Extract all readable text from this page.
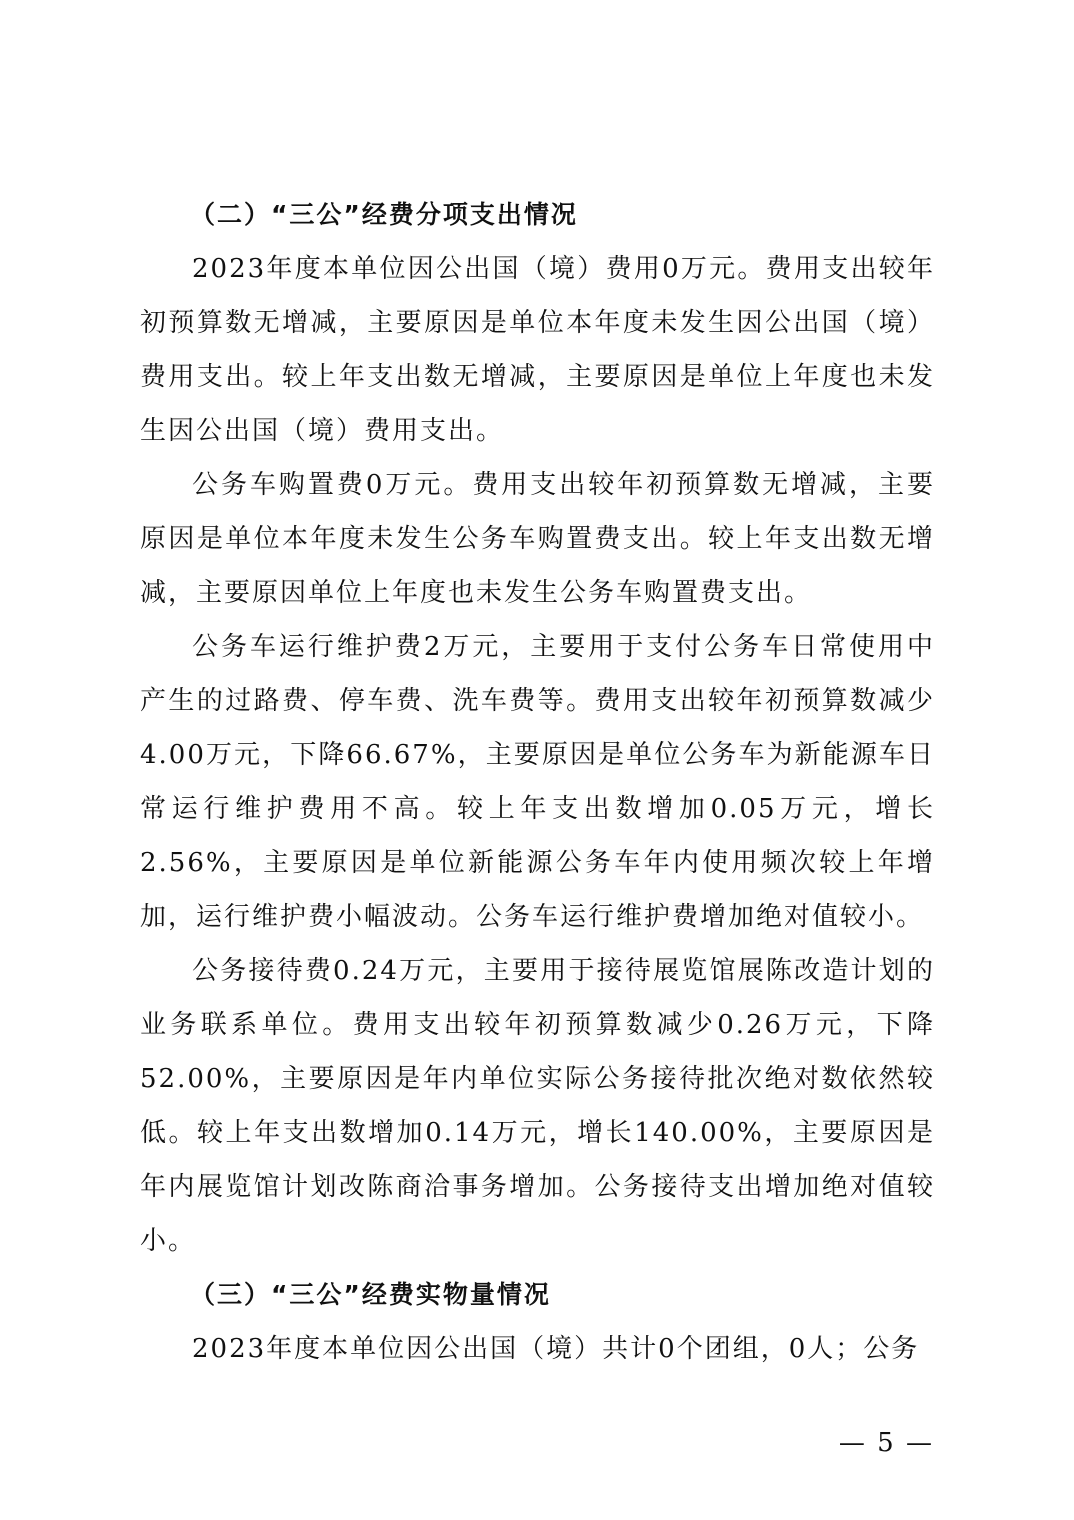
（二）“三公”经费分项支出情况

2023年度本单位因公出国（境）费用0万元。费用支出较年初预算数无增减，主要原因是单位本年度未发生因公出国（境）费用支出。较上年支出数无增减，主要原因是单位上年度也未发生因公出国（境）费用支出。

公务车购置费0万元。费用支出较年初预算数无增减，主要原因是单位本年度未发生公务车购置费支出。较上年支出数无增减，主要原因单位上年度也未发生公务车购置费支出。

公务车运行维护费2万元，主要用于支付公务车日常使用中产生的过路费、停车费、洗车费等。费用支出较年初预算数减少4.00万元，下降66.67%，主要原因是单位公务车为新能源车日常运行维护费用不高。较上年支出数增加0.05万元，增长2.56%，主要原因是单位新能源公务车年内使用频次较上年增加，运行维护费小幅波动。公务车运行维护费增加绝对值较小。

公务接待费0.24万元，主要用于接待展览馆展陈改造计划的业务联系单位。费用支出较年初预算数减少0.26万元，下降52.00%，主要原因是年内单位实际公务接待批次绝对数依然较低。较上年支出数增加0.14万元，增长140.00%，主要原因是年内展览馆计划改陈商洽事务增加。公务接待支出增加绝对值较小。

（三）“三公”经费实物量情况

2023年度本单位因公出国（境）共计0个团组，0人；公务

— 5 —
